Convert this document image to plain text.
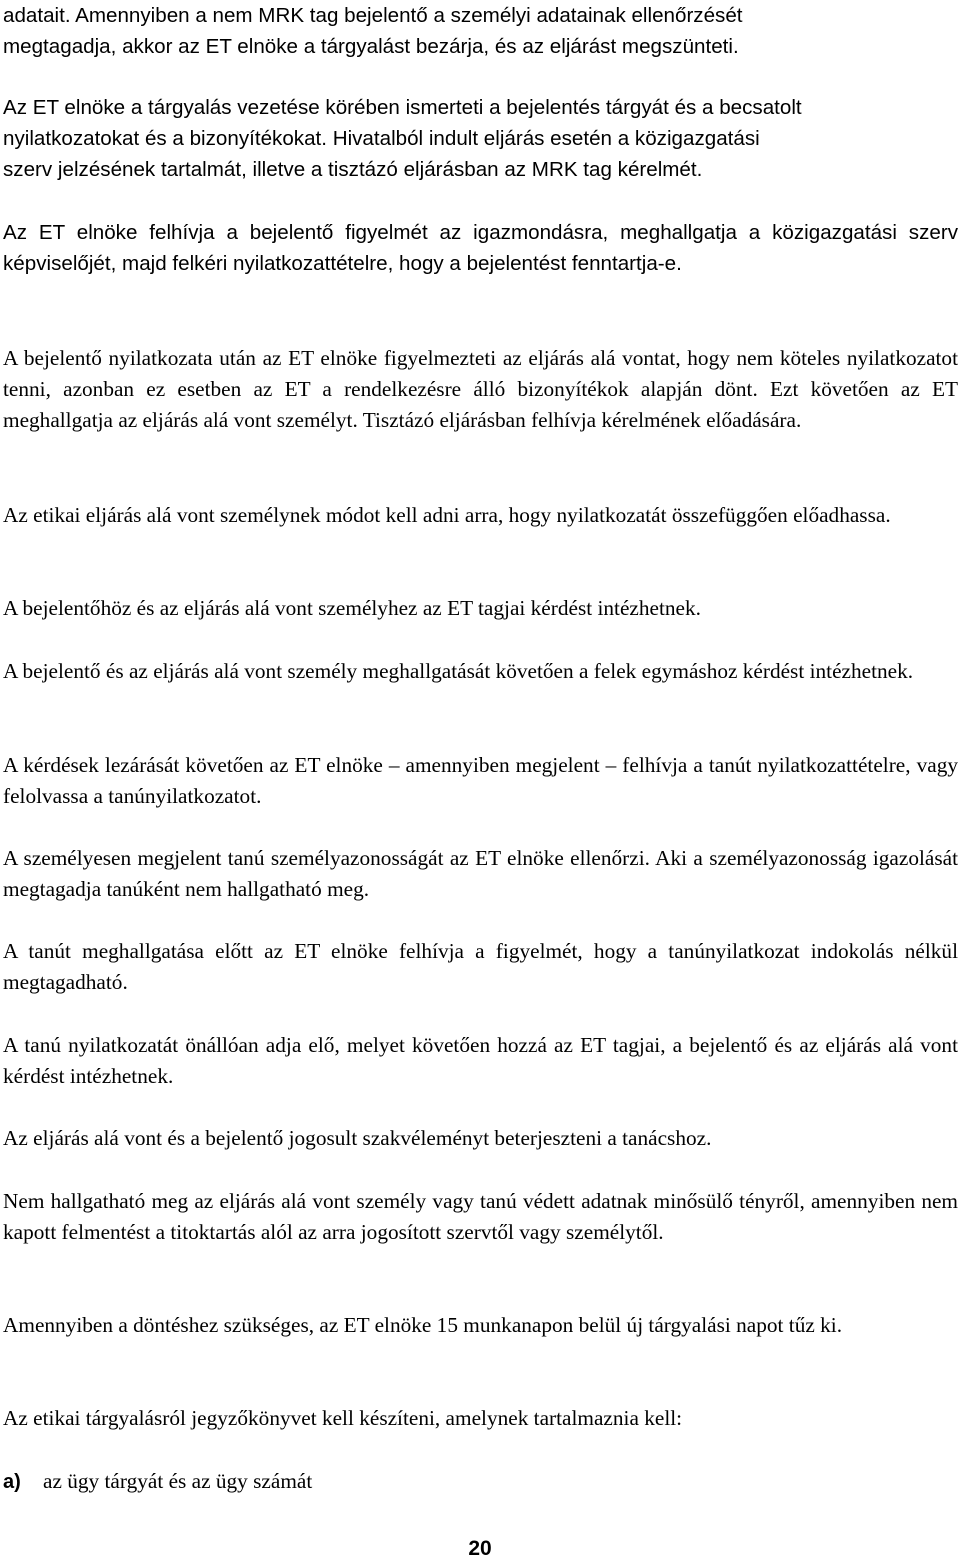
adatait. Amennyiben a nem MRK tag bejelentő a személyi adatainak ellenőrzését
megtagadja, akkor az ET elnöke a tárgyalást bezárja, és az eljárást megszünteti.

Az ET elnöke a tárgyalás vezetése körében ismerteti a bejelentés tárgyát és a becsatolt
nyilatkozatokat és a bizonyítékokat. Hivatalból indult eljárás esetén a közigazgatási
szerv jelzésének tartalmát, illetve a tisztázó eljárásban az MRK tag kérelmét.

Az ET elnöke felhívja a bejelentő figyelmét az igazmondásra, meghallgatja a közigazgatási szerv képviselőjét, majd felkéri nyilatkozattételre, hogy a bejelentést fenntartja-e.

A bejelentő nyilatkozata után az ET elnöke figyelmezteti az eljárás alá vontat, hogy nem köteles nyilatkozatot tenni, azonban ez esetben az ET a rendelkezésre álló bizonyítékok alapján dönt. Ezt követően az ET meghallgatja az eljárás alá vont személyt. Tisztázó eljárásban felhívja kérelmének előadására.

Az etikai eljárás alá vont személynek módot kell adni arra, hogy nyilatkozatát összefüggően előadhassa.

A bejelentőhöz és az eljárás alá vont személyhez az ET tagjai kérdést intézhetnek.

A bejelentő és az eljárás alá vont személy meghallgatását követően a felek egymáshoz kérdést intézhetnek.

A kérdések lezárását követően az ET elnöke – amennyiben megjelent – felhívja a tanút nyilatkozattételre, vagy felolvassa a tanúnyilatkozatot.

A személyesen megjelent tanú személyazonosságát az ET elnöke ellenőrzi. Aki a személyazonosság igazolását megtagadja tanúként nem hallgatható meg.

A tanút meghallgatása előtt az ET elnöke felhívja a figyelmét, hogy a tanúnyilatkozat indokolás nélkül megtagadható.

A tanú nyilatkozatát önállóan adja elő, melyet követően hozzá az ET tagjai, a bejelentő és az eljárás alá vont kérdést intézhetnek.

Az eljárás alá vont és a bejelentő jogosult szakvéleményt beterjeszteni a tanácshoz.

Nem hallgatható meg az eljárás alá vont személy vagy tanú védett adatnak minősülő tényről, amennyiben nem kapott felmentést a titoktartás alól az arra jogosított szervtől vagy személytől.

Amennyiben a döntéshez szükséges, az ET elnöke 15 munkanapon belül új tárgyalási napot tűz ki.

Az etikai tárgyalásról jegyzőkönyvet kell készíteni, amelynek tartalmaznia kell:

a) az ügy tárgyát és az ügy számát
20
